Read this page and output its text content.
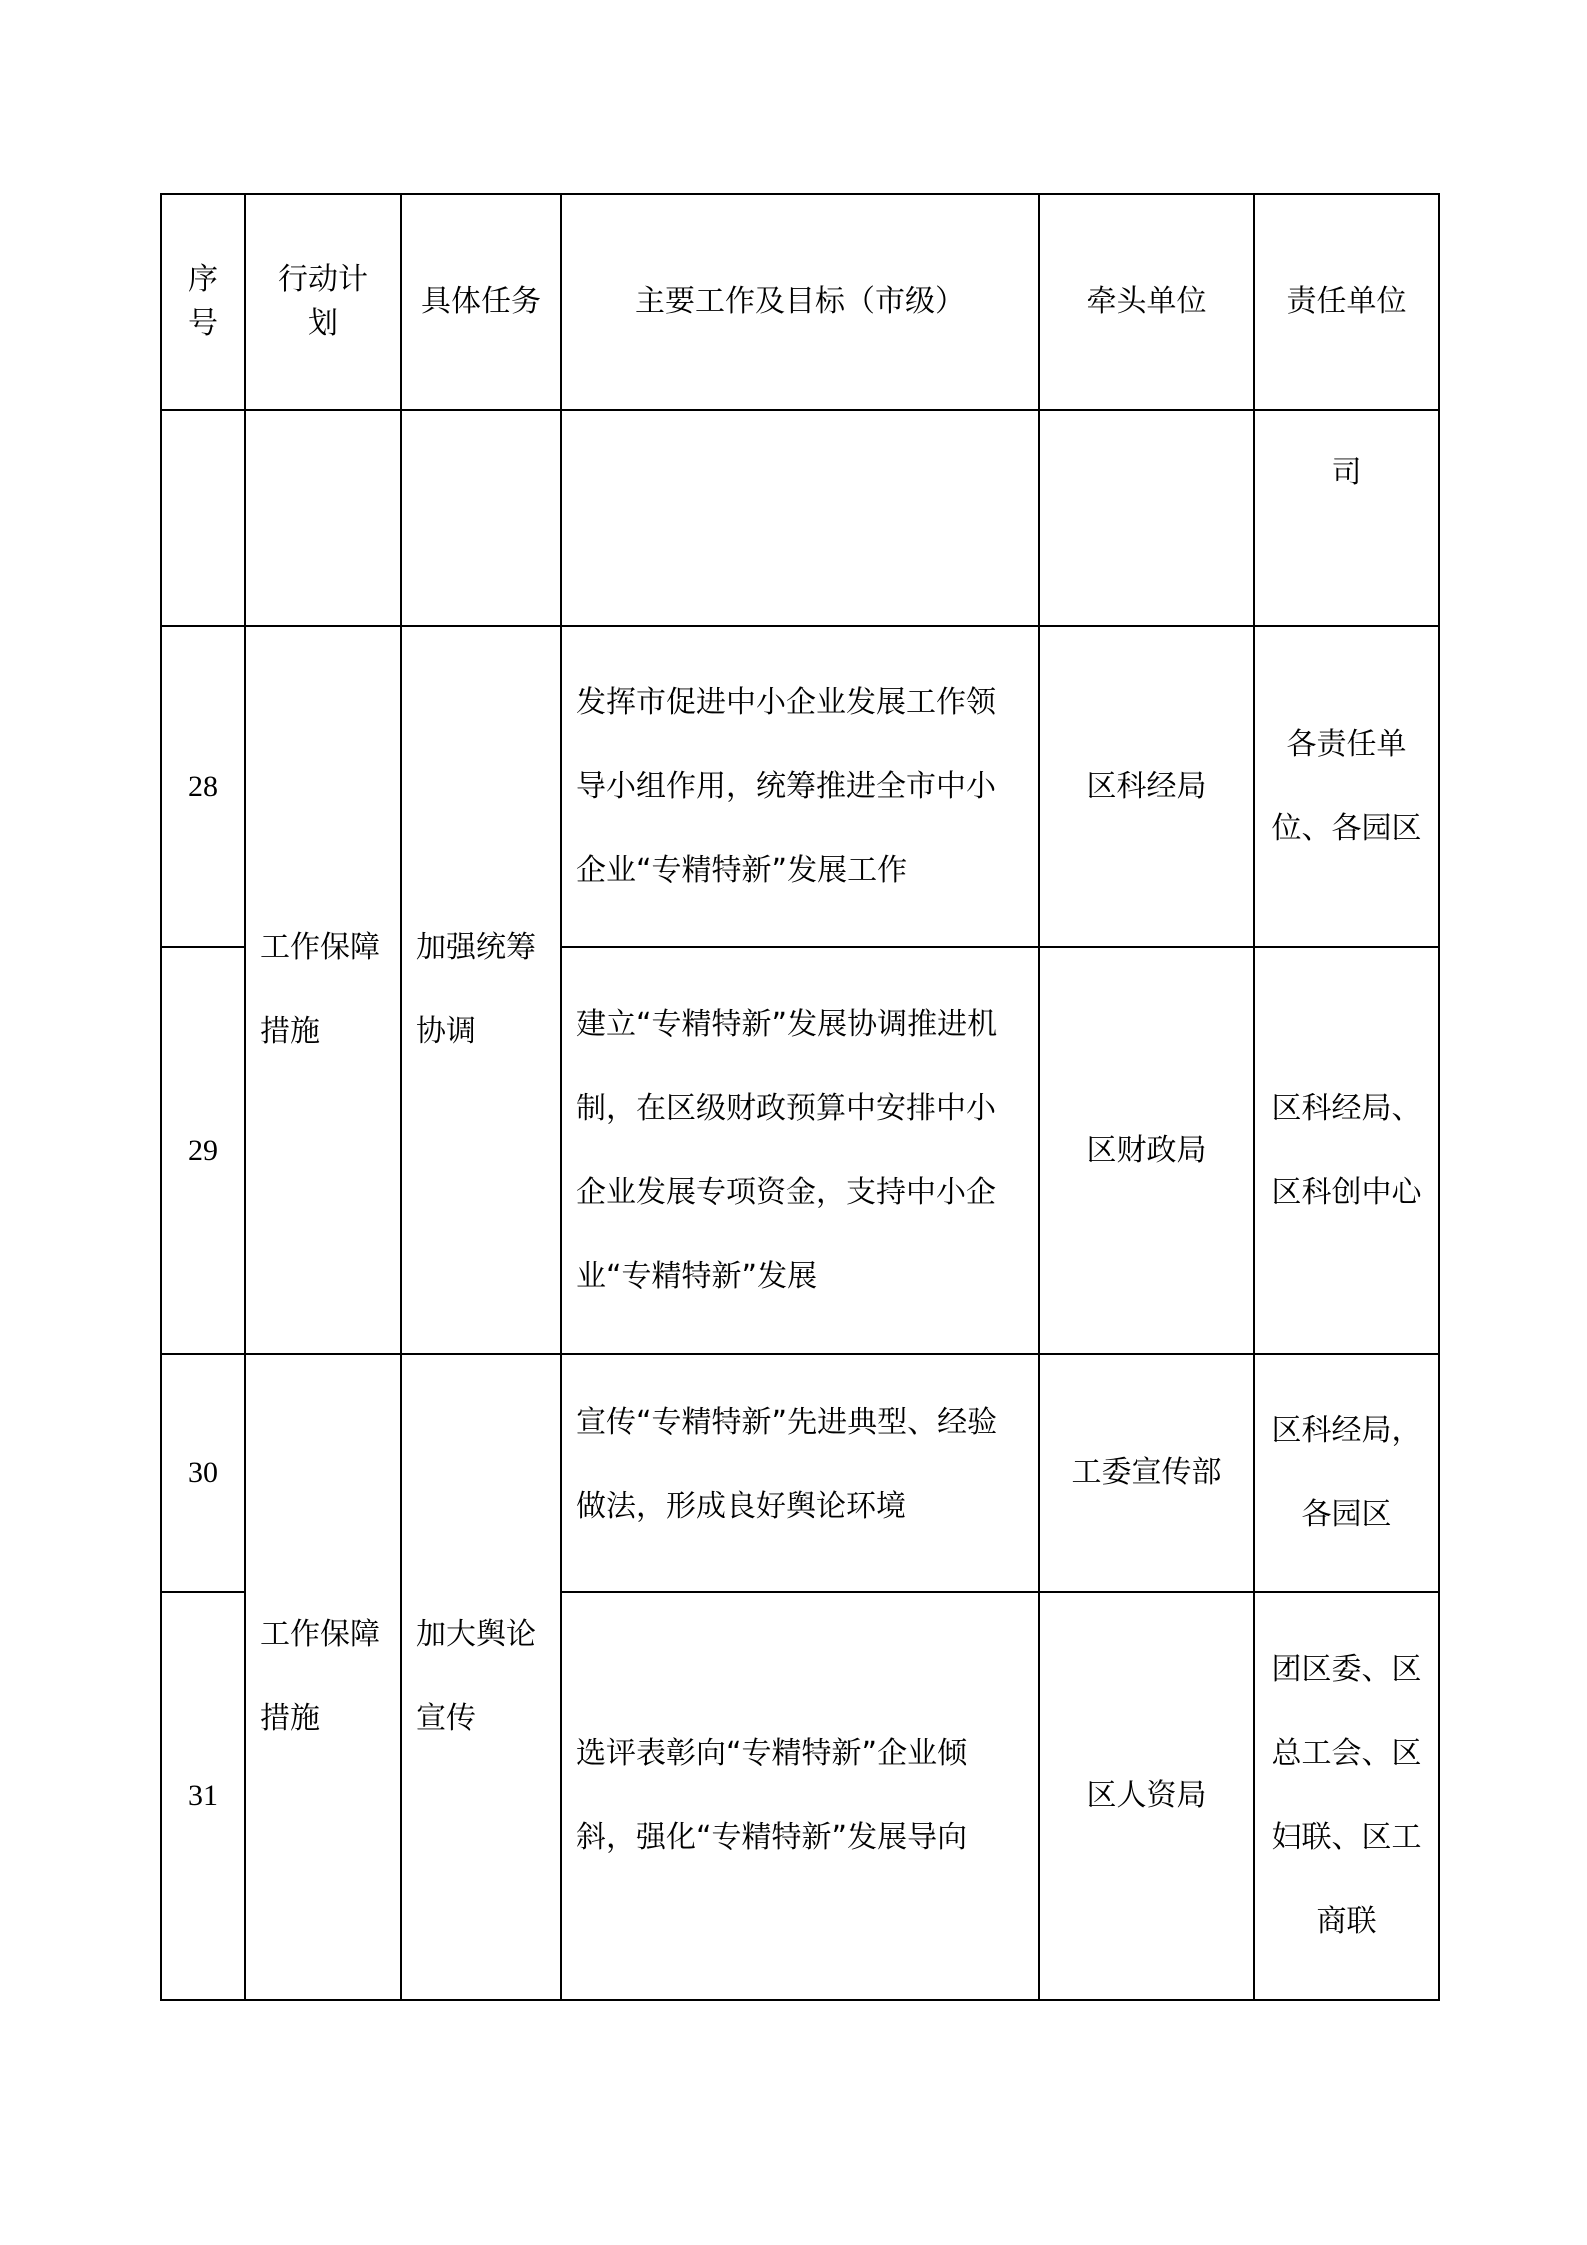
序号	行动计划	具体任务	主要工作及目标（市级）	牵头单位	责任单位
					司
28	工作保障措施	加强统筹协调	发挥市促进中小企业发展工作领导小组作用，统筹推进全市中小企业“专精特新”发展工作	区科经局	各责任单位、各园区
29			建立“专精特新”发展协调推进机制，在区级财政预算中安排中小企业发展专项资金，支持中小企业“专精特新”发展	区财政局	区科经局、区科创中心
30	工作保障措施	加大舆论宣传	宣传“专精特新”先进典型、经验做法，形成良好舆论环境	工委宣传部	区科经局，各园区
31			选评表彰向“专精特新”企业倾斜，强化“专精特新”发展导向	区人资局	团区委、区总工会、区妇联、区工商联
